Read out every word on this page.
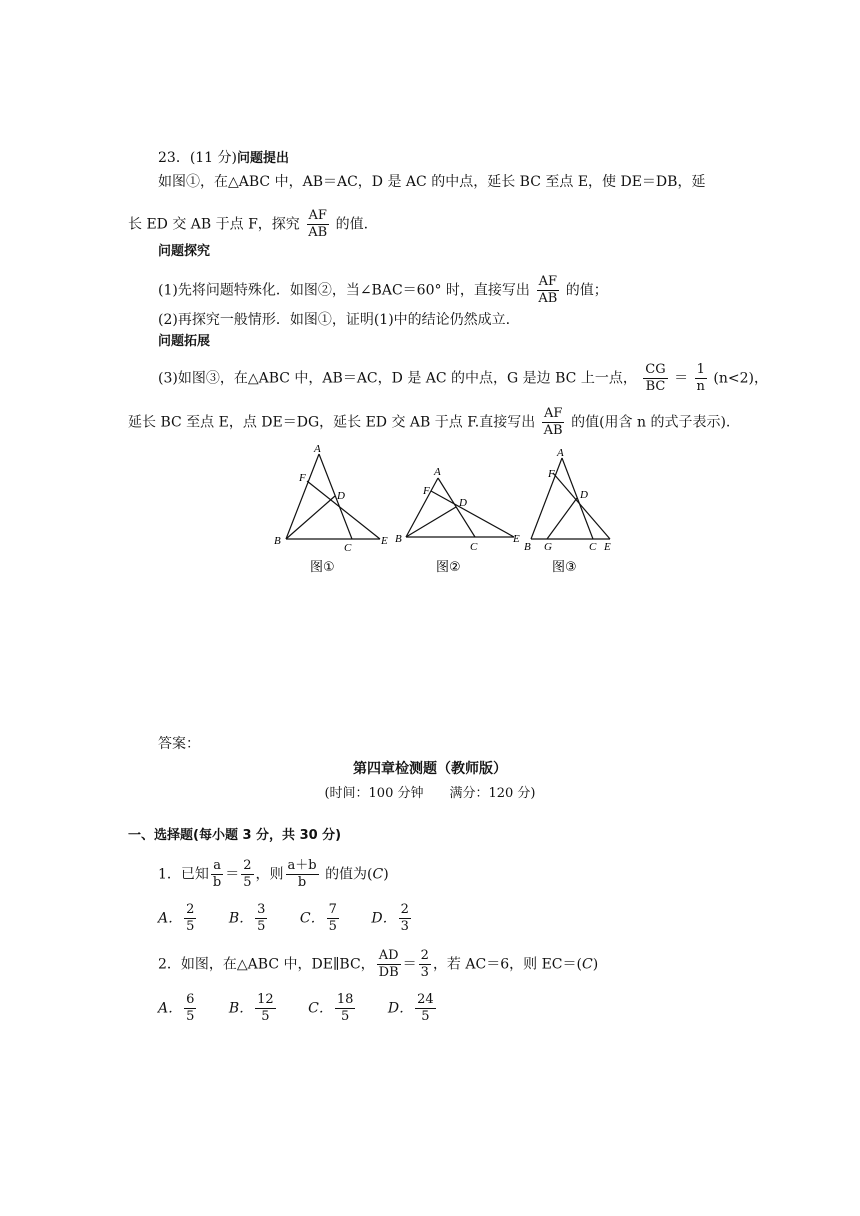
23．(11 分)问题提出
如图①，在△ABC 中，AB＝AC，D 是 AC 的中点，延长 BC 至点 E，使 DE＝DB，延
长 ED 交 AB 于点 F，探究 $\frac{AF}{AB}$ 的值.
问题探究
(1)先将问题特殊化．如图②，当∠BAC＝60° 时，直接写出 $\frac{AF}{AB}$ 的值；
(2)再探究一般情形．如图①，证明(1)中的结论仍然成立.
问题拓展
(3)如图③，在△ABC 中，AB＝AC，D 是 AC 的中点，G 是边 BC 上一点， $\frac{CG}{BC} = \frac{1}{n} (n<2)$，
延长 BC 至点 E，点 DE＝DG，延长 ED 交 AB 于点 F.直接写出 $\frac{AF}{AB}$ 的值(用含 n 的式子表示).
A
F
D
B
C
E
图①
A
F
D
B
C
E
图②
A
F
D
B G	C E
图③
答案：
第四章检测题（教师版）
(时间：100 分钟　　满分：120 分)
一、选择题(每小题 3 分，共 30 分)
1．已知 $\frac{a}{b} = \frac{2}{5}$ ，则 $\frac{a+b}{b}$ 的值为(C)
A． $\frac{2}{5}$ B． $\frac{3}{5}$ C． $\frac{7}{5}$ D． $\frac{2}{3}$
2．如图，在△ABC 中，DE∥BC， $\frac{AD}{DB} = \frac{2}{3}$ ，若 AC＝6，则 EC＝(C)
A． $\frac{6}{5}$ B． $\frac{12}{5}$ C． $\frac{18}{5}$ D． $\frac{24}{5}$
